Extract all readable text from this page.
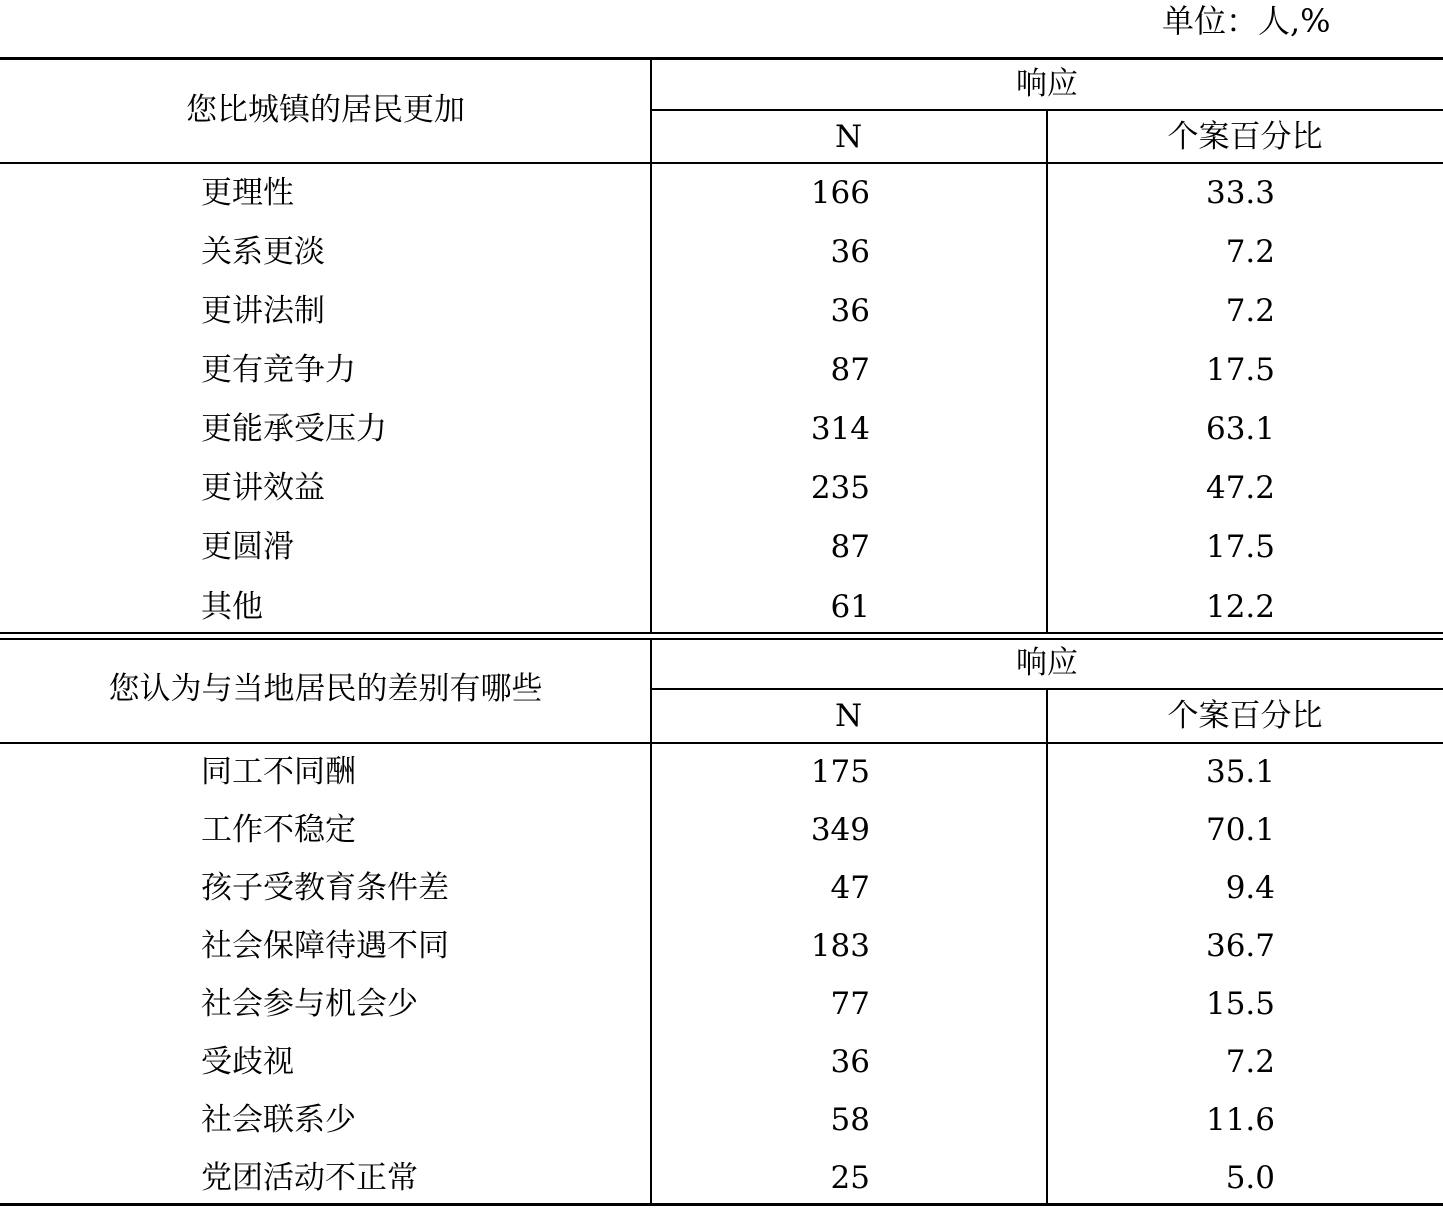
单位：人,%
您比城镇的居民更加
响应
N	个案百分比
更理性	166	33.3
关系更淡	36	7.2
更讲法制	36	7.2
更有竞争力	87	17.5
更能承受压力	314	63.1
更讲效益	235	47.2
更圆滑	87	17.5
其他	61	12.2
您认为与当地居民的差别有哪些
响应
N	个案百分比
同工不同酬	175	35.1
工作不稳定	349	70.1
孩子受教育条件差	47	9.4
社会保障待遇不同	183	36.7
社会参与机会少	77	15.5
受歧视	36	7.2
社会联系少	58	11.6
党团活动不正常	25	5.0
